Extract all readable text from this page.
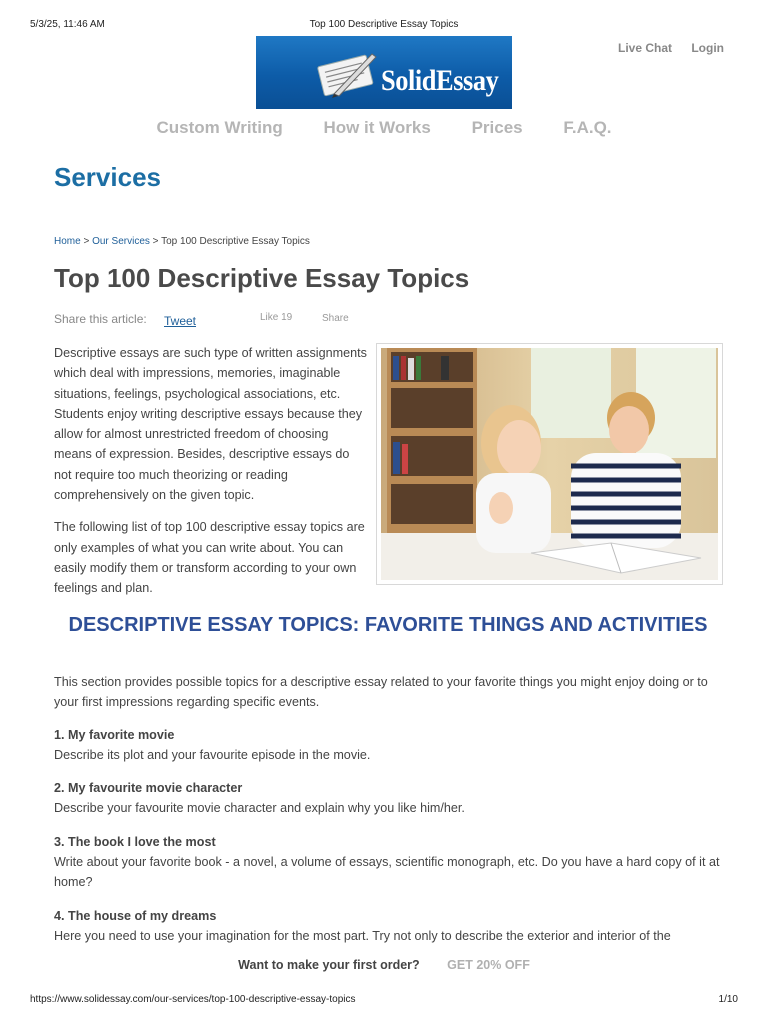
5/3/25, 11:46 AM	Top 100 Descriptive Essay Topics
SolidEssay
Live Chat Login
Custom Writing How it Works Prices F.A.Q.
Services
Home > Our Services > Top 100 Descriptive Essay Topics
Top 100 Descriptive Essay Topics
Share this article: Tweet	Like 19	Share

Descriptive essays are such type of written assignments which deal with impressions, memories, imaginable situations, feelings, psychological associations, etc. Students enjoy writing descriptive essays because they allow for almost unrestricted freedom of choosing means of expression. Besides, descriptive essays do not require too much theorizing or reading comprehensively on the given topic.

The following list of top 100 descriptive essay topics are only examples of what you can write about. You can easily modify them or transform according to your own feelings and plan.

DESCRIPTIVE ESSAY TOPICS: FAVORITE THINGS AND ACTIVITIES

This section provides possible topics for a descriptive essay related to your favorite things you might enjoy doing or to your first impressions regarding specific events.

1. My favorite movie

Describe its plot and your favourite episode in the movie.

2. My favourite movie character

Describe your favourite movie character and explain why you like him/her.

3. The book I love the most

Write about your favorite book - a novel, a volume of essays, scientific monograph, etc. Do you have a hard copy of it at home?

4. The house of my dreams

Here you need to use your imagination for the most part. Try not only to describe the exterior and interior of the

Want to make your first order? GET 20% OFF
https://www.solidessay.com/our-services/top-100-descriptive-essay-topics	1/10
